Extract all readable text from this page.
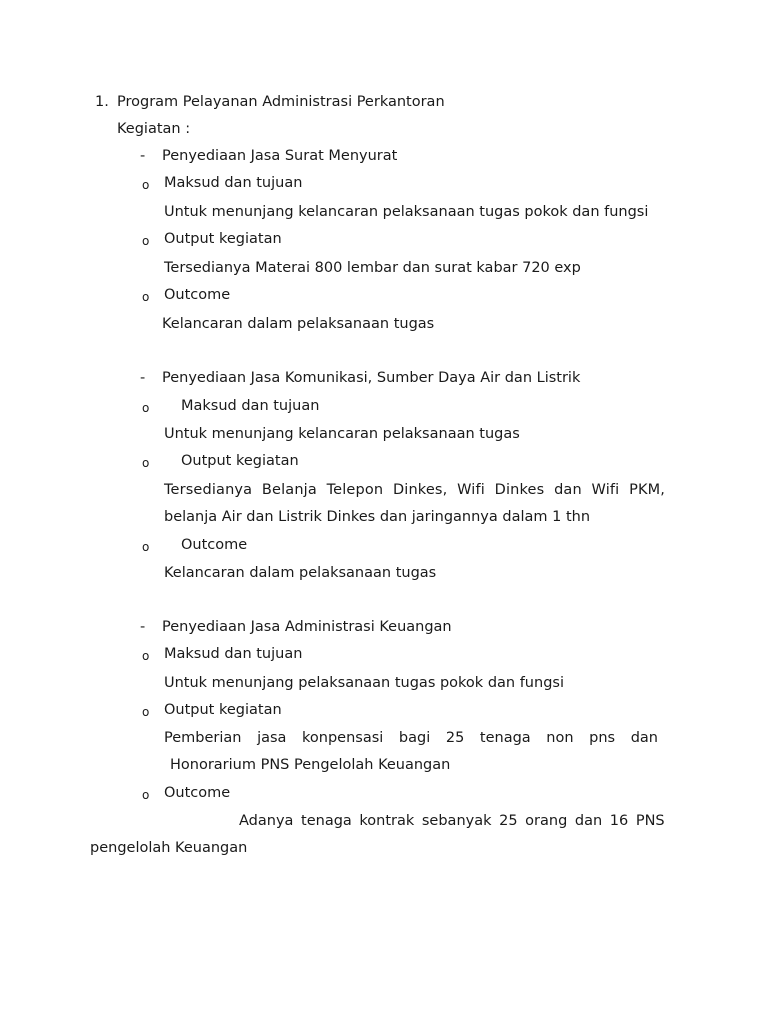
1. Program Pelayanan Administrasi Perkantoran
Kegiatan :
- Penyediaan Jasa Surat Menyurat
o Maksud dan tujuan
Untuk menunjang kelancaran pelaksanaan tugas pokok dan fungsi
o Output kegiatan
Tersedianya Materai 800 lembar dan surat kabar 720 exp
o Outcome
Kelancaran dalam pelaksanaan tugas
- Penyediaan Jasa Komunikasi, Sumber Daya Air dan Listrik
o Maksud dan tujuan
Untuk menunjang kelancaran pelaksanaan tugas
o Output kegiatan
Tersedianya Belanja Telepon Dinkes, Wifi Dinkes dan Wifi PKM,
belanja Air dan Listrik Dinkes dan jaringannya dalam 1 thn
o Outcome
Kelancaran dalam pelaksanaan tugas
- Penyediaan Jasa Administrasi Keuangan
o Maksud dan tujuan
Untuk menunjang pelaksanaan tugas pokok dan fungsi
o Output kegiatan
Pemberian jasa konpensasi bagi 25 tenaga non pns dan
Honorarium PNS Pengelolah Keuangan
o Outcome
Adanya tenaga kontrak sebanyak 25 orang dan 16 PNS
pengelolah Keuangan
